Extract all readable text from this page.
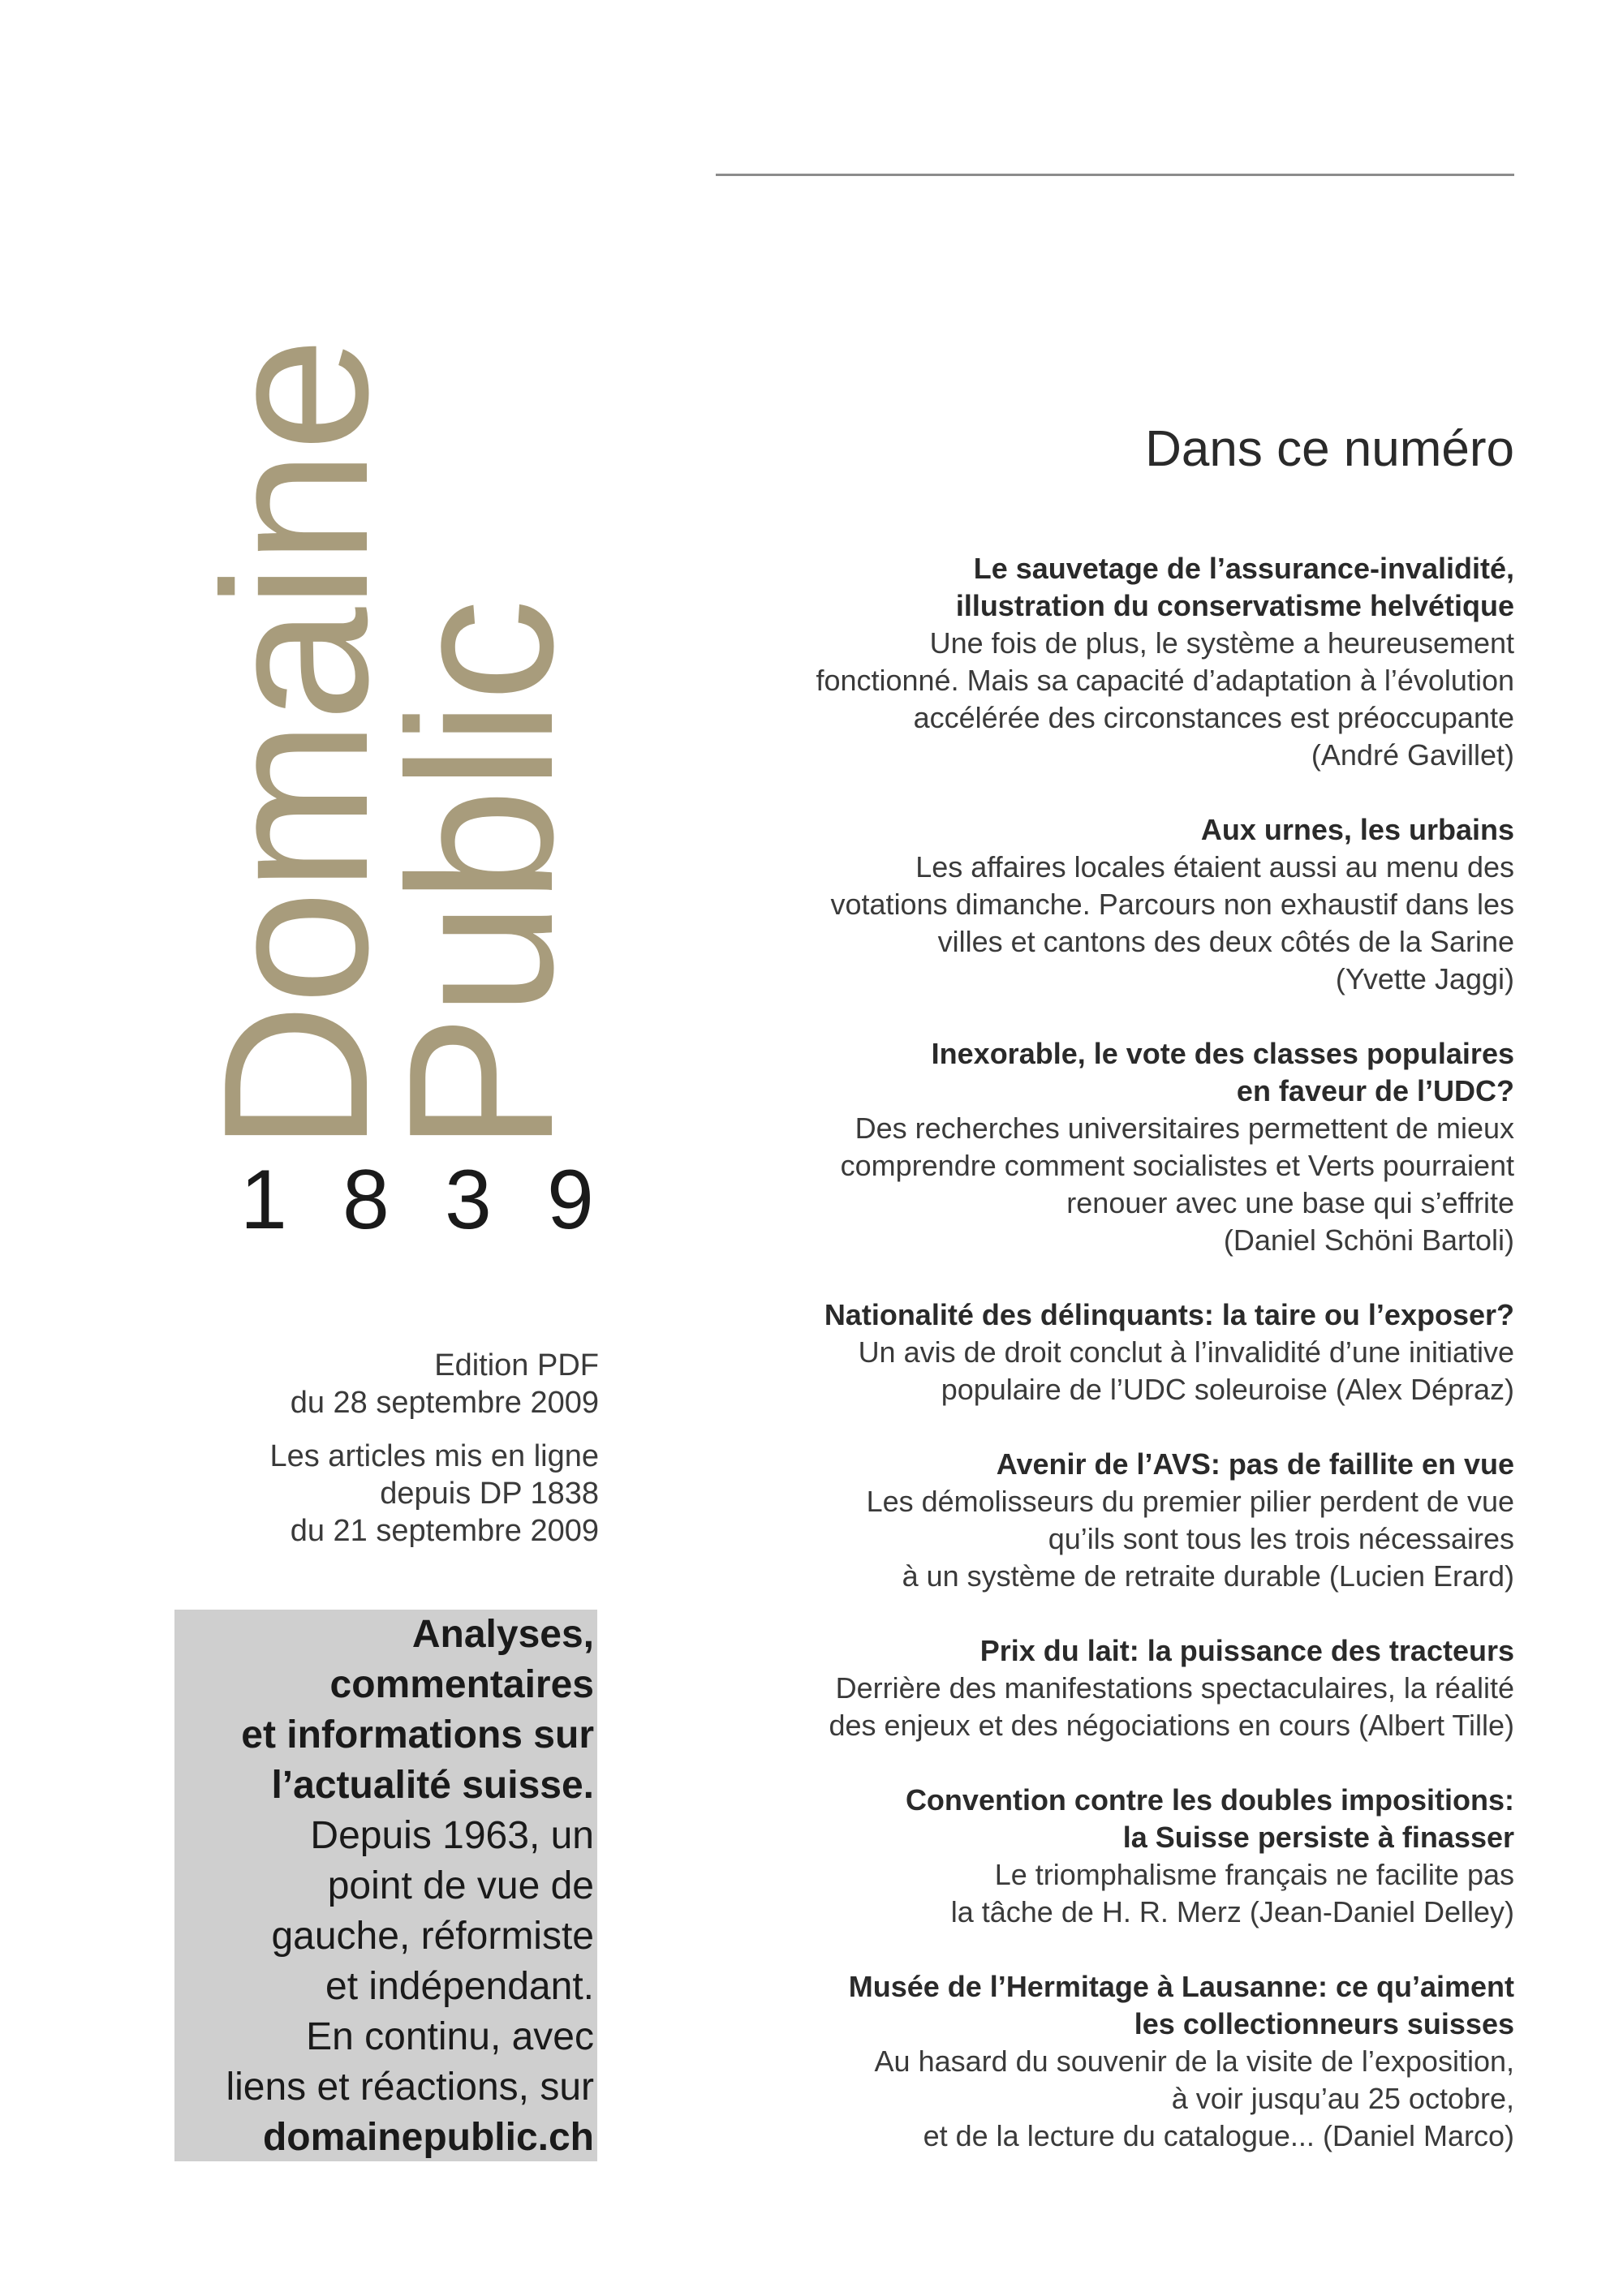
Domaine
Public
1 8 3 9

Edition PDF
du 28 septembre 2009

Les articles mis en ligne
depuis DP 1838
du 21 septembre 2009

Analyses,
commentaires
et informations sur
l’actualité suisse.
Depuis 1963, un
point de vue de
gauche, réformiste
et indépendant.
En continu, avec
liens et réactions, sur
domainepublic.ch
Dans ce numéro
Le sauvetage de l’assurance-invalidité,
illustration du conservatisme helvétique
Une fois de plus, le système a heureusement
fonctionné. Mais sa capacité d’adaptation à l’évolution
accélérée des circonstances est préoccupante
(André Gavillet)
Aux urnes, les urbains
Les affaires locales étaient aussi au menu des
votations dimanche. Parcours non exhaustif dans les
villes et cantons des deux côtés de la Sarine
(Yvette Jaggi)
Inexorable, le vote des classes populaires
en faveur de l’UDC?
Des recherches universitaires permettent de mieux
comprendre comment socialistes et Verts pourraient
renouer avec une base qui s’effrite
(Daniel Schöni Bartoli)
Nationalité des délinquants: la taire ou l’exposer?
Un avis de droit conclut à l’invalidité d’une initiative
populaire de l’UDC soleuroise (Alex Dépraz)
Avenir de l’AVS: pas de faillite en vue
Les démolisseurs du premier pilier perdent de vue
qu’ils sont tous les trois nécessaires
à un système de retraite durable (Lucien Erard)
Prix du lait: la puissance des tracteurs
Derrière des manifestations spectaculaires, la réalité
des enjeux et des négociations en cours (Albert Tille)
Convention contre les doubles impositions:
la Suisse persiste à finasser
Le triomphalisme français ne facilite pas
la tâche de H. R. Merz (Jean-Daniel Delley)
Musée de l’Hermitage à Lausanne: ce qu’aiment
les collectionneurs suisses
Au hasard du souvenir de la visite de l’exposition,
à voir jusqu’au 25 octobre,
et de la lecture du catalogue... (Daniel Marco)
